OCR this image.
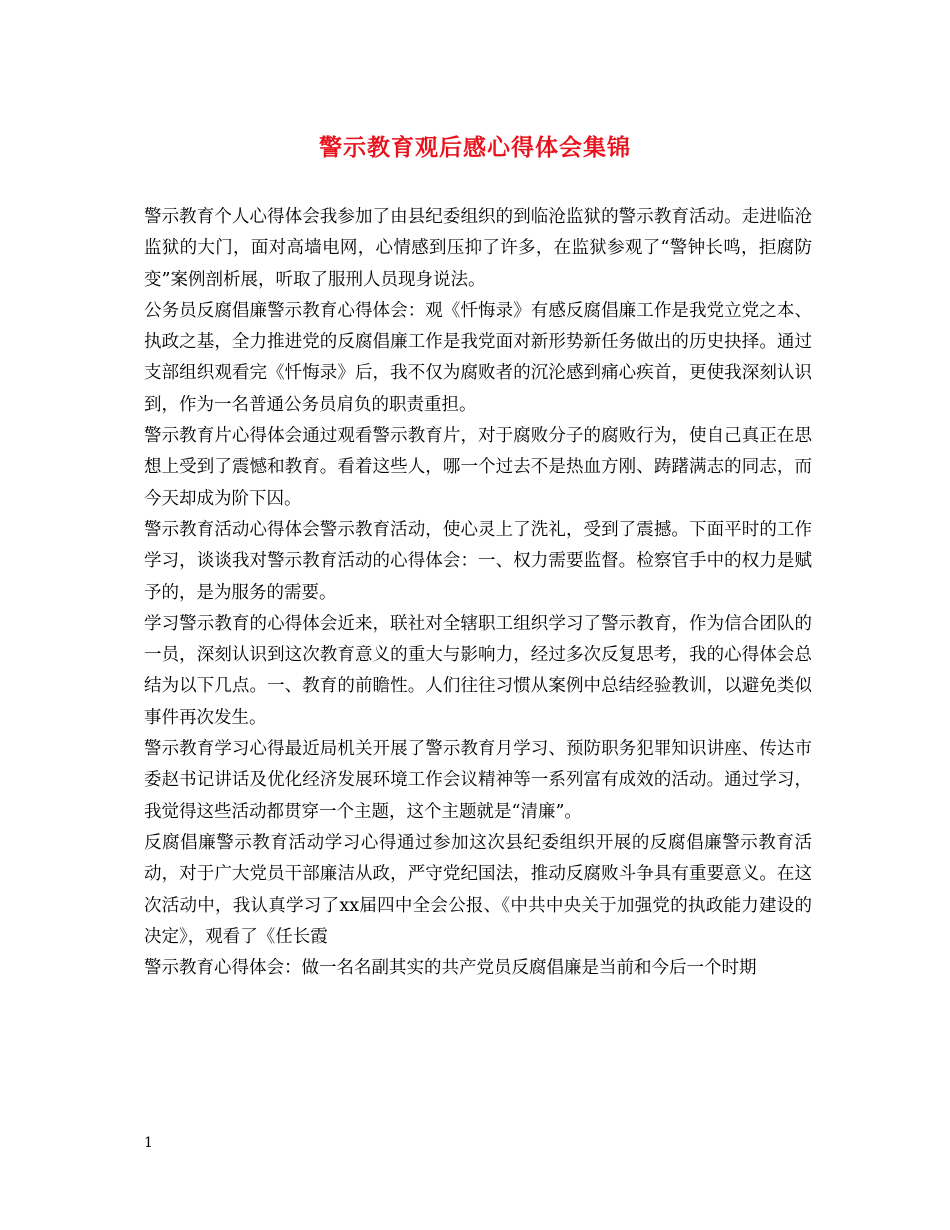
警示教育观后感心得体会集锦

警示教育个人心得体会我参加了由县纪委组织的到临沧监狱的警示教育活动。走进临沧监狱的大门，面对高墙电网，心情感到压抑了许多，在监狱参观了“警钟长鸣，拒腐防变”案例剖析展，听取了服刑人员现身说法。

公务员反腐倡廉警示教育心得体会：观《忏悔录》有感反腐倡廉工作是我党立党之本、执政之基，全力推进党的反腐倡廉工作是我党面对新形势新任务做出的历史抉择。通过支部组织观看完《忏悔录》后，我不仅为腐败者的沉沦感到痛心疾首，更使我深刻认识到，作为一名普通公务员肩负的职责重担。

警示教育片心得体会通过观看警示教育片，对于腐败分子的腐败行为，使自己真正在思想上受到了震憾和教育。看着这些人，哪一个过去不是热血方刚、踌躇满志的同志，而今天却成为阶下囚。

警示教育活动心得体会警示教育活动，使心灵上了洗礼，受到了震撼。下面平时的工作学习，谈谈我对警示教育活动的心得体会：一、权力需要监督。检察官手中的权力是赋予的，是为服务的需要。

学习警示教育的心得体会近来，联社对全辖职工组织学习了警示教育，作为信合团队的一员，深刻认识到这次教育意义的重大与影响力，经过多次反复思考，我的心得体会总结为以下几点。一、教育的前瞻性。人们往往习惯从案例中总结经验教训，以避免类似事件再次发生。

警示教育学习心得最近局机关开展了警示教育月学习、预防职务犯罪知识讲座、传达市委赵书记讲话及优化经济发展环境工作会议精神等一系列富有成效的活动。通过学习，我觉得这些活动都贯穿一个主题，这个主题就是“清廉”。

反腐倡廉警示教育活动学习心得通过参加这次县纪委组织开展的反腐倡廉警示教育活动，对于广大党员干部廉洁从政，严守党纪国法，推动反腐败斗争具有重要意义。在这次活动中，我认真学习了xx届四中全会公报、《中共中央关于加强党的执政能力建设的决定》，观看了《任长霞

警示教育心得体会：做一名名副其实的共产党员反腐倡廉是当前和今后一个时期

1
